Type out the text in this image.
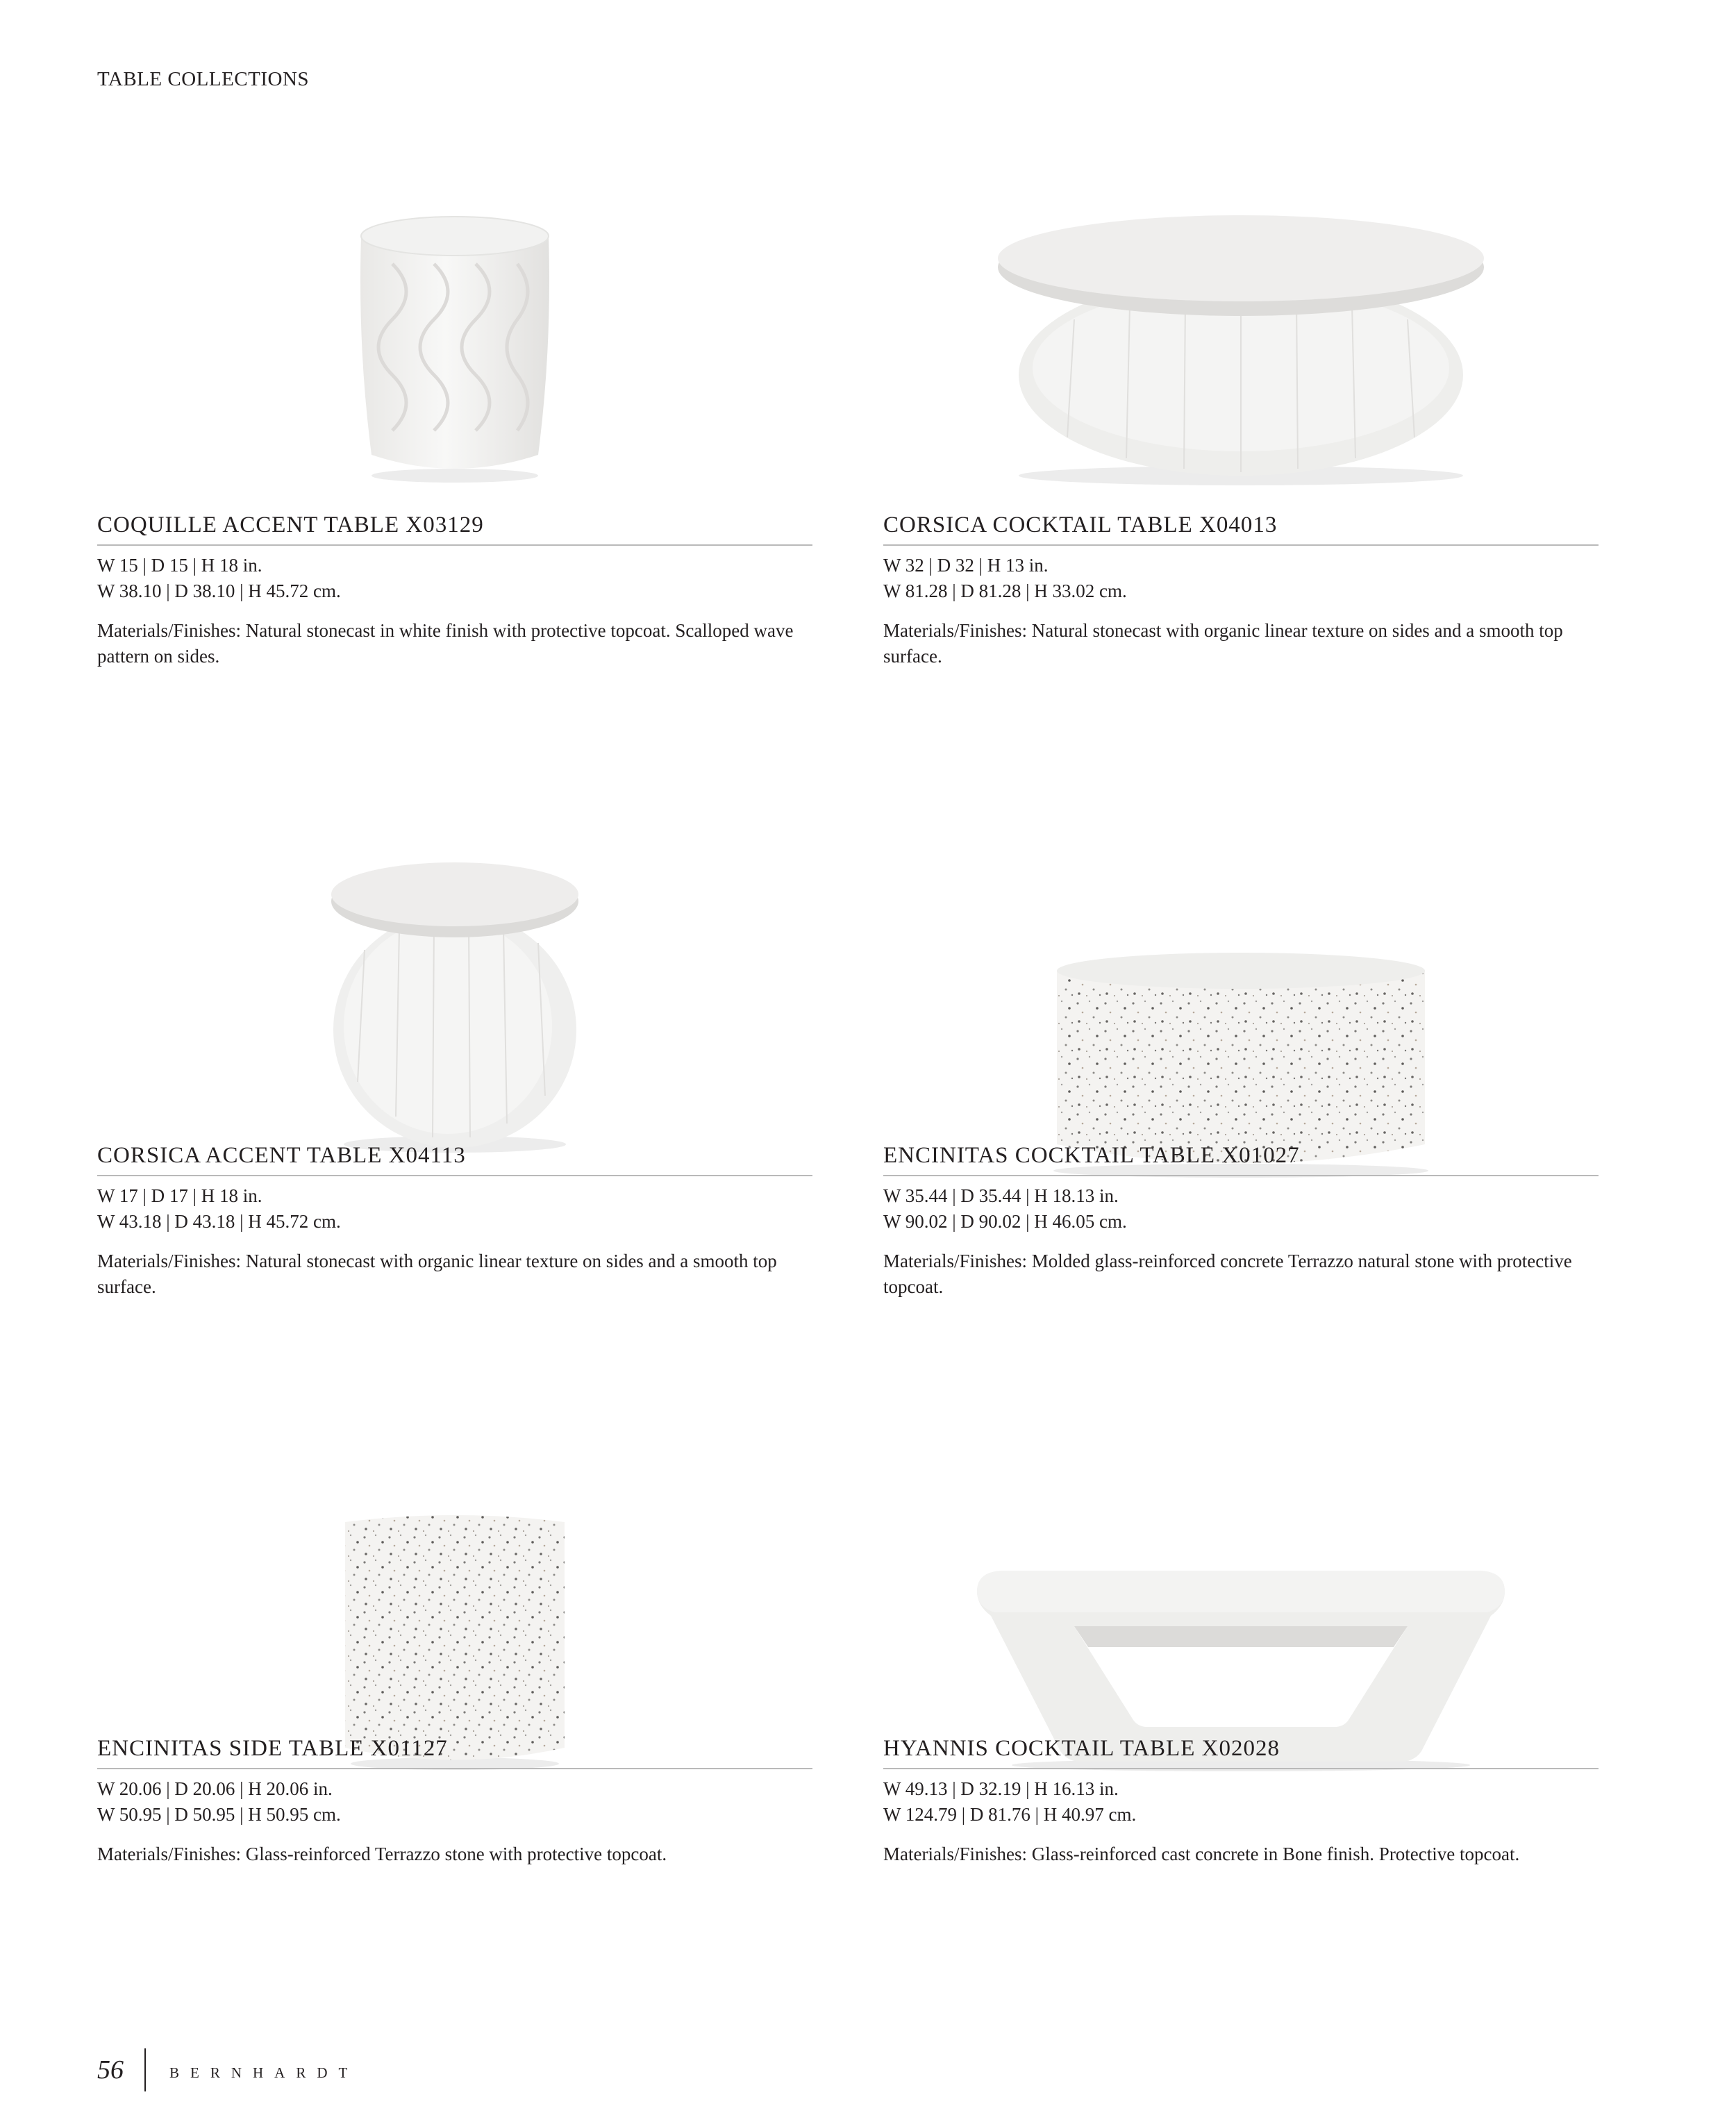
TABLE COLLECTIONS
COQUILLE ACCENT TABLE X03129
W 15 | D 15 | H 18 in.
W 38.10 | D 38.10 | H 45.72 cm.
Materials/Finishes: Natural stonecast in white finish with protective topcoat. Scalloped wave pattern on sides.
CORSICA COCKTAIL TABLE X04013
W 32 | D 32 | H 13 in.
W 81.28 | D 81.28 | H 33.02 cm.
Materials/Finishes: Natural stonecast with organic linear texture on sides and a smooth top surface.
CORSICA ACCENT TABLE X04113
W 17 | D 17 | H 18 in.
W 43.18 | D 43.18 | H 45.72 cm.
Materials/Finishes: Natural stonecast with organic linear texture on sides and a smooth top surface.
ENCINITAS COCKTAIL TABLE X01027
W 35.44 | D 35.44 | H 18.13 in.
W 90.02 | D 90.02 | H 46.05 cm.
Materials/Finishes: Molded glass-reinforced concrete Terrazzo natural stone with protective topcoat.
ENCINITAS SIDE TABLE X01127
W 20.06 | D 20.06 | H 20.06 in.
W 50.95 | D 50.95 | H 50.95 cm.
Materials/Finishes: Glass-reinforced Terrazzo stone with protective topcoat.
HYANNIS COCKTAIL TABLE X02028
W 49.13 | D 32.19 | H 16.13 in.
W 124.79 | D 81.76 | H 40.97 cm.
Materials/Finishes: Glass-reinforced cast concrete in Bone finish. Protective topcoat.
56	BERNHARDT
